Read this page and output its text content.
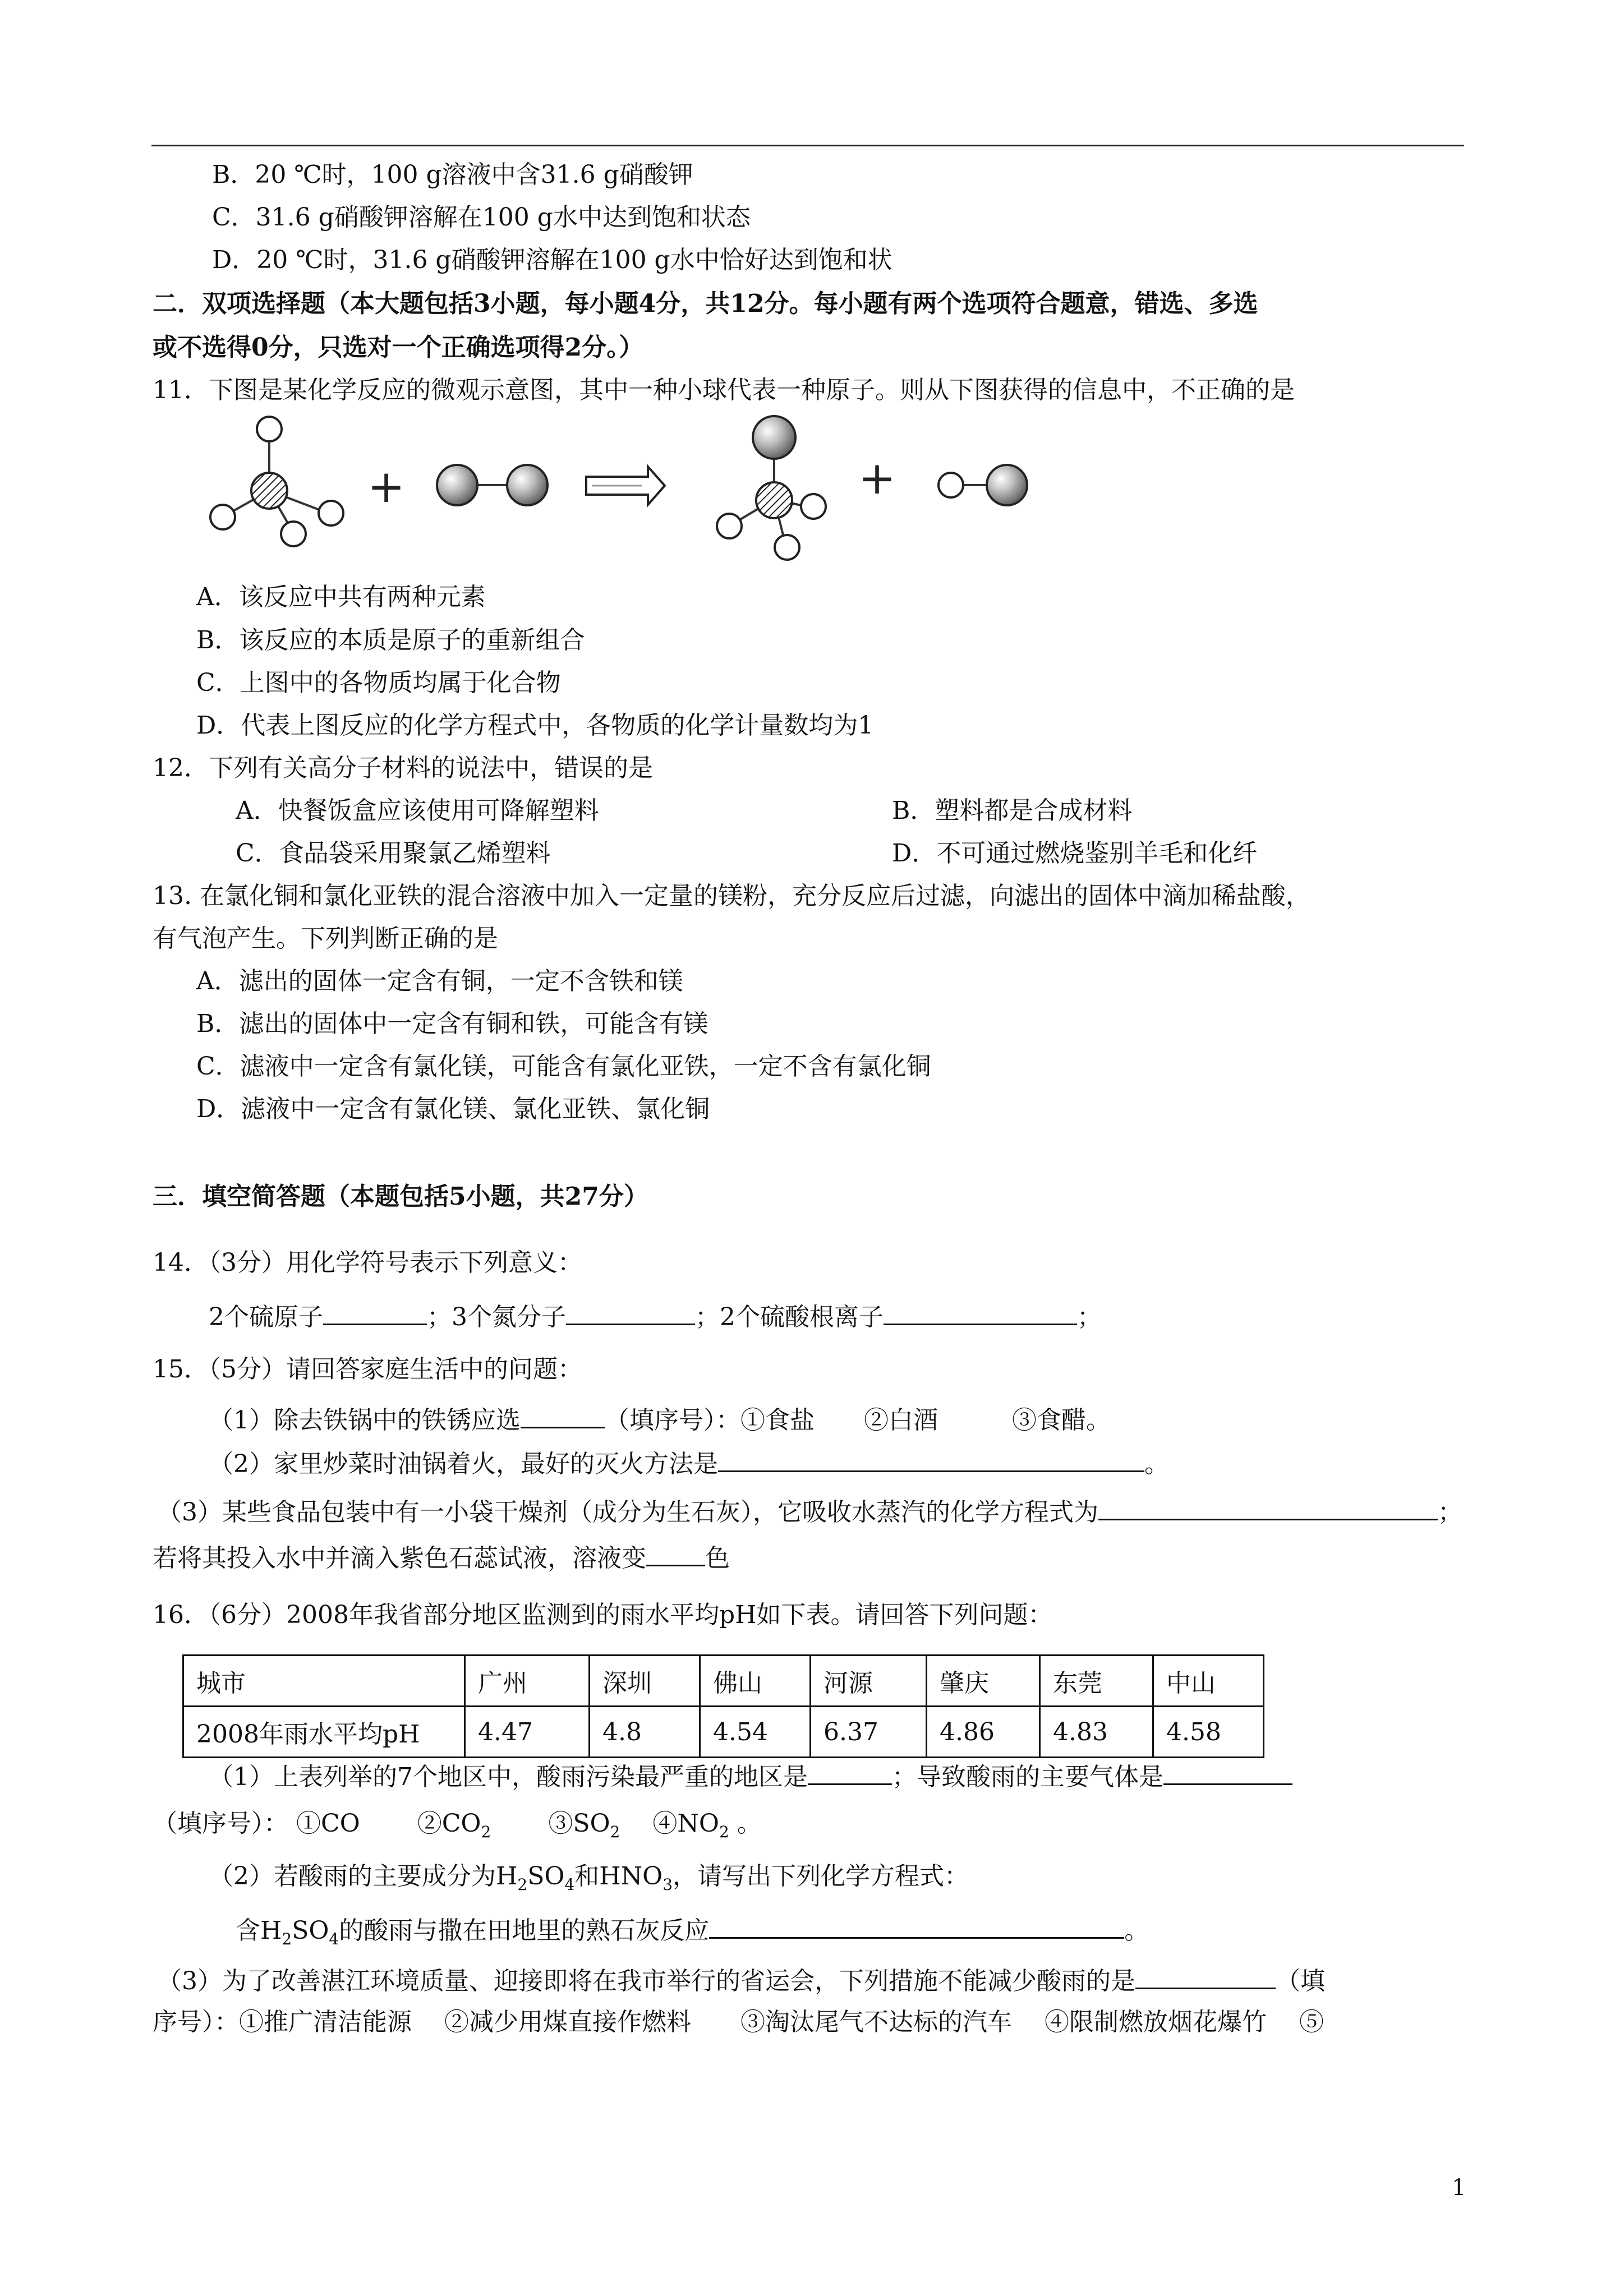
B．20 ℃时，100 g溶液中含31.6 g硝酸钾
C．31.6 g硝酸钾溶解在100 g水中达到饱和状态
D．20 ℃时，31.6 g硝酸钾溶解在100 g水中恰好达到饱和状
二．双项选择题（本大题包括3小题，每小题4分，共12分。每小题有两个选项符合题意，错选、多选
或不选得0分，只选对一个正确选项得2分。）
11．下图是某化学反应的微观示意图，其中一种小球代表一种原子。则从下图获得的信息中，不正确的是
+	+
A．该反应中共有两种元素
B．该反应的本质是原子的重新组合
C．上图中的各物质均属于化合物
D．代表上图反应的化学方程式中，各物质的化学计量数均为1
12．下列有关高分子材料的说法中，错误的是
A．快餐饭盒应该使用可降解塑料	B．塑料都是合成材料
C．食品袋采用聚氯乙烯塑料	D．不可通过燃烧鉴别羊毛和化纤
13. 在氯化铜和氯化亚铁的混合溶液中加入一定量的镁粉，充分反应后过滤，向滤出的固体中滴加稀盐酸，
有气泡产生。下列判断正确的是
A．滤出的固体一定含有铜，一定不含铁和镁
B．滤出的固体中一定含有铜和铁，可能含有镁
C．滤液中一定含有氯化镁，可能含有氯化亚铁，一定不含有氯化铜
D．滤液中一定含有氯化镁、氯化亚铁、氯化铜
三．填空简答题（本题包括5小题，共27分）
14．（3分）用化学符号表示下列意义：
2个硫原子	；3个氮分子	；2个硫酸根离子	；
15．（5分）请回答家庭生活中的问题：
（1）除去铁锅中的铁锈应选	（填序号）：①食盐　　②白酒　　　③食醋。
（2）家里炒菜时油锅着火，最好的灭火方法是	。
（3）某些食品包装中有一小袋干燥剂（成分为生石灰），它吸收水蒸汽的化学方程式为	；
若将其投入水中并滴入紫色石蕊试液，溶液变 色
16．（6分）2008年我省部分地区监测到的雨水平均pH如下表。请回答下列问题：
城市	广州	深圳	佛山	河源	肇庆	东莞	中山
2008年雨水平均pH	4.47	4.8	4.54	6.37	4.86	4.83	4.58
（1）上表列举的7个地区中，酸雨污染最严重的地区是	；导致酸雨的主要气体是
（填序号）： ①CO　　 $②CO_2$　　 $③SO_2$　 $④NO_2$ 。
（2）若酸雨的主要成分为$H_2SO_4$和$HNO_3$，请写出下列化学方程式：
含$H_2SO_4$的酸雨与撒在田地里的熟石灰反应	。
（3）为了改善湛江环境质量、迎接即将在我市举行的省运会，下列措施不能减少酸雨的是	（填
序号）：①推广清洁能源　 ②减少用煤直接作燃料　　③淘汰尾气不达标的汽车　 ④限制燃放烟花爆竹　 ⑤
1
